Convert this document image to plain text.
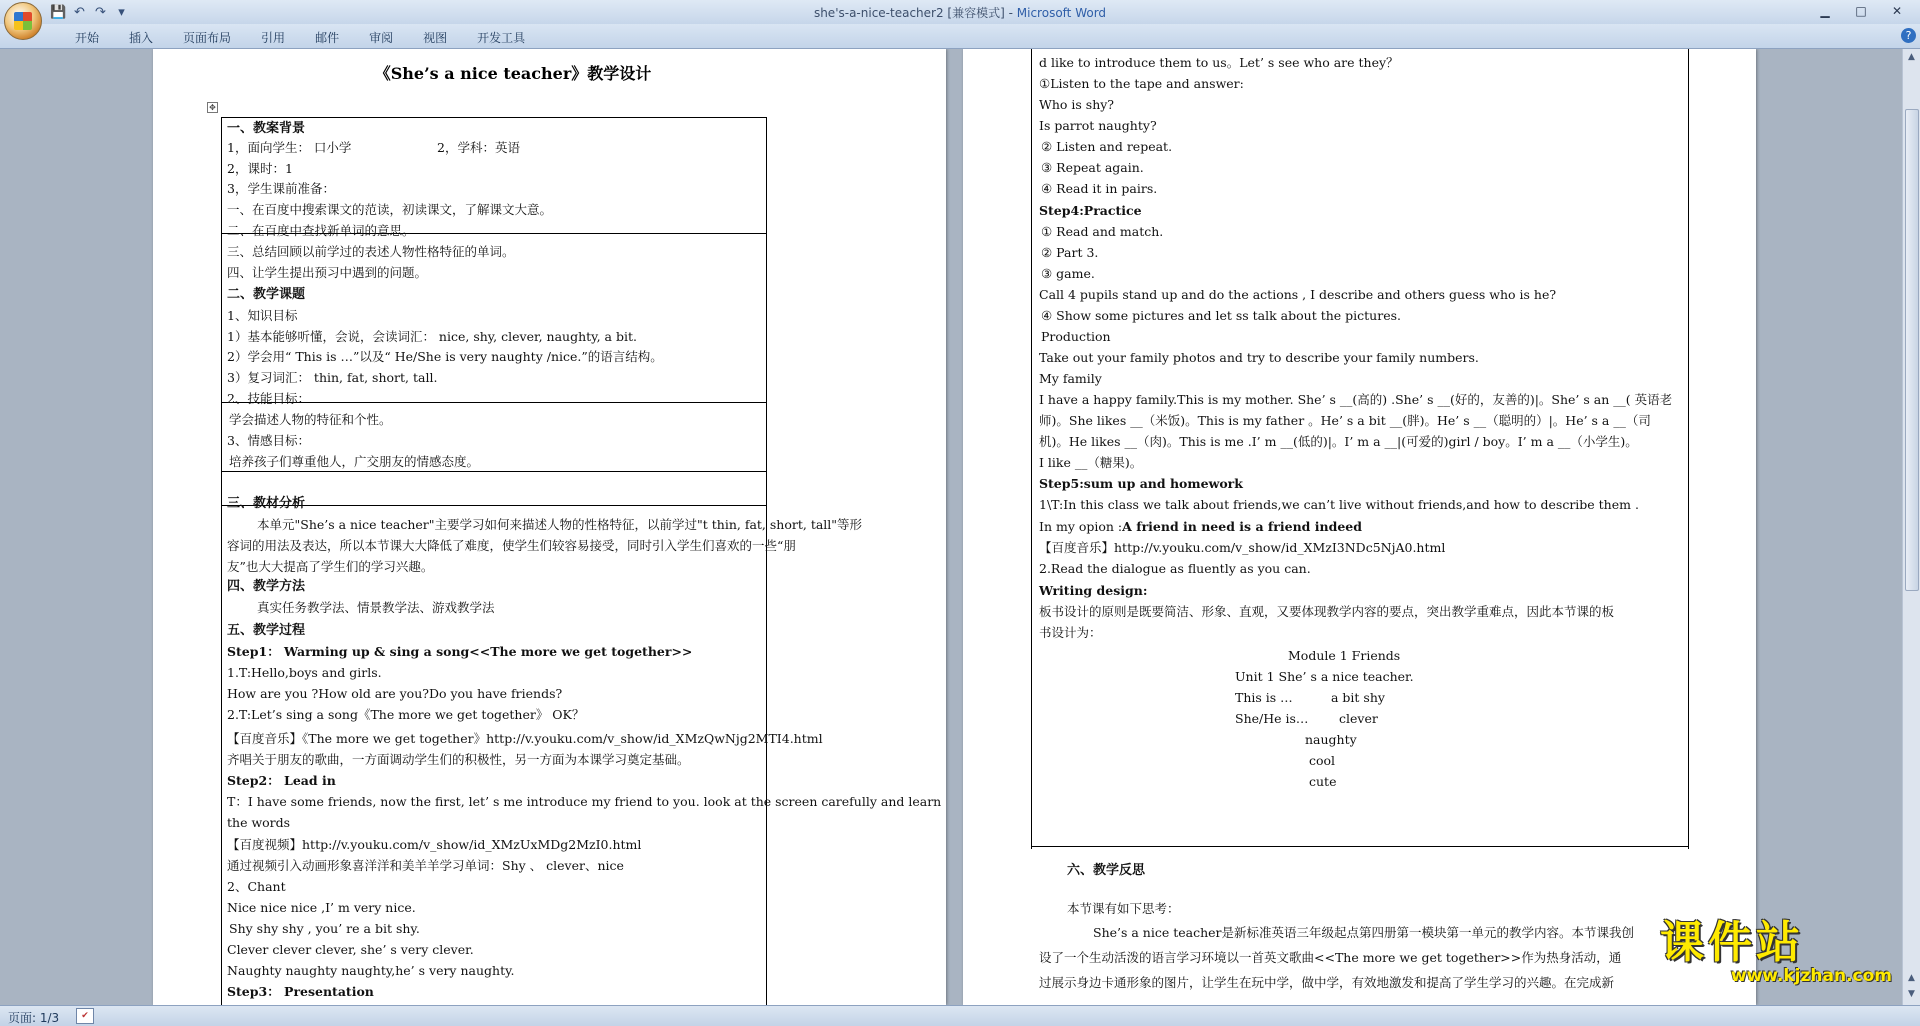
💾 ↶ ↷ ▾	she's-a-nice-teacher2 [兼容模式] - Microsoft Word	▁	□	✕
开始	插入	页面布局	引用	邮件	审阅	视图	开发工具	?
《She’s a nice teacher》教学设计
✥
一、教案背景
1，面向学生： 口小学	2，学科：英语
2，课时：1
3，学生课前准备：
一、在百度中搜索课文的范读，初读课文，了解课文大意。
二、在百度中查找新单词的意思。
三、总结回顾以前学过的表述人物性格特征的单词。
四、让学生提出预习中遇到的问题。
二、教学课题
1、知识目标
1）基本能够听懂，会说，会读词汇： nice, shy, clever, naughty, a bit.
2）学会用“ This is …”以及“ He/She is very naughty /nice.”的语言结构。
3）复习词汇： thin, fat, short, tall.
2、技能目标：
学会描述人物的特征和个性。
3、情感目标：
培养孩子们尊重他人，广交朋友的情感态度。
三、教材分析
本单元"She’s a nice teacher"主要学习如何来描述人物的性格特征，以前学过"t thin, fat, short, tall"等形
容词的用法及表达，所以本节课大大降低了难度，使学生们较容易接受，同时引入学生们喜欢的一些“朋
友”也大大提高了学生们的学习兴趣。
四、教学方法
真实任务教学法、情景教学法、游戏教学法
五、教学过程
Step1： Warming up & sing a song<<The more we get together>>
1.T:Hello,boys and girls.
How are you ?How old are you?Do you have friends?
2.T:Let’s sing a song《The more we get together》 OK？
【百度音乐】《The more we get together》http://v.youku.com/v_show/id_XMzQwNjg2MTI4.html
齐唱关于朋友的歌曲，一方面调动学生们的积极性，另一方面为本课学习奠定基础。
Step2： Lead in
T：I have some friends, now the first, let’ s me introduce my friend to you. look at the screen carefully and learn
the words
【百度视频】http://v.youku.com/v_show/id_XMzUxMDg2MzI0.html
通过视频引入动画形象喜洋洋和美羊羊学习单词：Shy 、 clever、nice
2、Chant
Nice nice nice ,I’ m very nice.
Shy shy shy , you’ re a bit shy.
Clever clever clever, she’ s very clever.
Naughty naughty naughty,he’ s very naughty.
Step3： Presentation
d like to introduce them to us。Let’ s see who are they？
①Listen to the tape and answer:
Who is shy?
Is parrot naughty?
② Listen and repeat.
③ Repeat again.
④ Read it in pairs.
Step4:Practice
① Read and match.
② Part 3.
③ game.
Call 4 pupils stand up and do the actions , I describe and others guess who is he?
④ Show some pictures and let ss talk about the pictures.
Production
Take out your family photos and try to describe your family numbers.
My family
I have a happy family.This is my mother. She’ s __(高的) .She’ s __(好的，友善的)|。She’ s an __( 英语老
师)。She likes __（米饭)。This is my father 。He’ s a bit __(胖)。He’ s __（聪明的）|。He’ s a __（司
机)。He likes __（肉)。This is me .I’ m __(低的)|。I’ m a __|(可爱的)girl / boy。I’ m a __（小学生)。
I like __（糖果)。
Step5:sum up and homework
1\T:In this class we talk about friends,we can’t live without friends,and how to describe them .
In my opion :A friend in need is a friend indeed
【百度音乐】http://v.youku.com/v_show/id_XMzI3NDc5NjA0.html
2.Read the dialogue as fluently as you can.
Writing design:
板书设计的原则是既要简洁、形象、直观，又要体现教学内容的要点，突出教学重难点，因此本节课的板
书设计为：
Module 1 Friends
Unit 1 She’ s a nice teacher.
This is …	a bit shy
She/He is… clever
naughty
cool
cute
六、教学反思
本节课有如下思考：
She’s a nice teacher是新标准英语三年级起点第四册第一模块第一单元的教学内容。本节课我创
设了一个生动活泼的语言学习环境以一首英文歌曲<<The more we get together>>作为热身活动，通
过展示身边卡通形象的图片，让学生在玩中学，做中学，有效地激发和提高了学生学习的兴趣。在完成新
▲
▲
▼
课件站
www.kjzhan.com
页面: 1/3	✔
